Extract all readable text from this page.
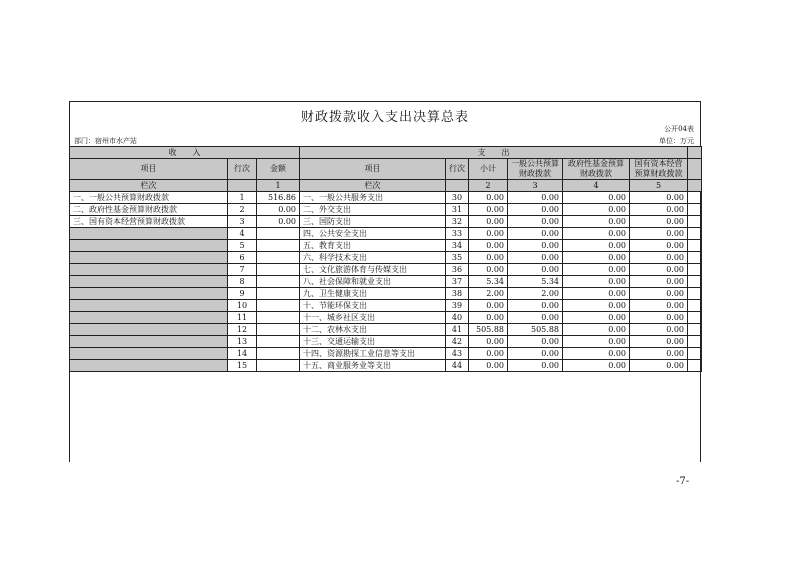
财政拨款收入支出决算总表
公开04表
部门：宿州市水产站	单位：万元
收　　入			支　　出						
项目	行次	金额	项目	行次	小计	一般公共预算财政拨款	政府性基金预算财政拨款	国有资本经营预算财政拨款	
栏次		1	栏次		2	3	4	5	
一、一般公共预算财政拨款	1	516.86	一、一般公共服务支出	30	0.00	0.00	0.00	0.00	
二、政府性基金预算财政拨款	2	0.00	二、外交支出	31	0.00	0.00	0.00	0.00	
三、国有资本经营预算财政拨款	3	0.00	三、国防支出	32	0.00	0.00	0.00	0.00	
	4		四、公共安全支出	33	0.00	0.00	0.00	0.00	
	5		五、教育支出	34	0.00	0.00	0.00	0.00	
	6		六、科学技术支出	35	0.00	0.00	0.00	0.00	
	7		七、文化旅游体育与传媒支出	36	0.00	0.00	0.00	0.00	
	8		八、社会保障和就业支出	37	5.34	5.34	0.00	0.00	
	9		九、卫生健康支出	38	2.00	2.00	0.00	0.00	
	10		十、节能环保支出	39	0.00	0.00	0.00	0.00	
	11		十一、城乡社区支出	40	0.00	0.00	0.00	0.00	
	12		十二、农林水支出	41	505.88	505.88	0.00	0.00	
	13		十三、交通运输支出	42	0.00	0.00	0.00	0.00	
	14		十四、资源勘探工业信息等支出	43	0.00	0.00	0.00	0.00	
	15		十五、商业服务业等支出	44	0.00	0.00	0.00	0.00	
-7-
